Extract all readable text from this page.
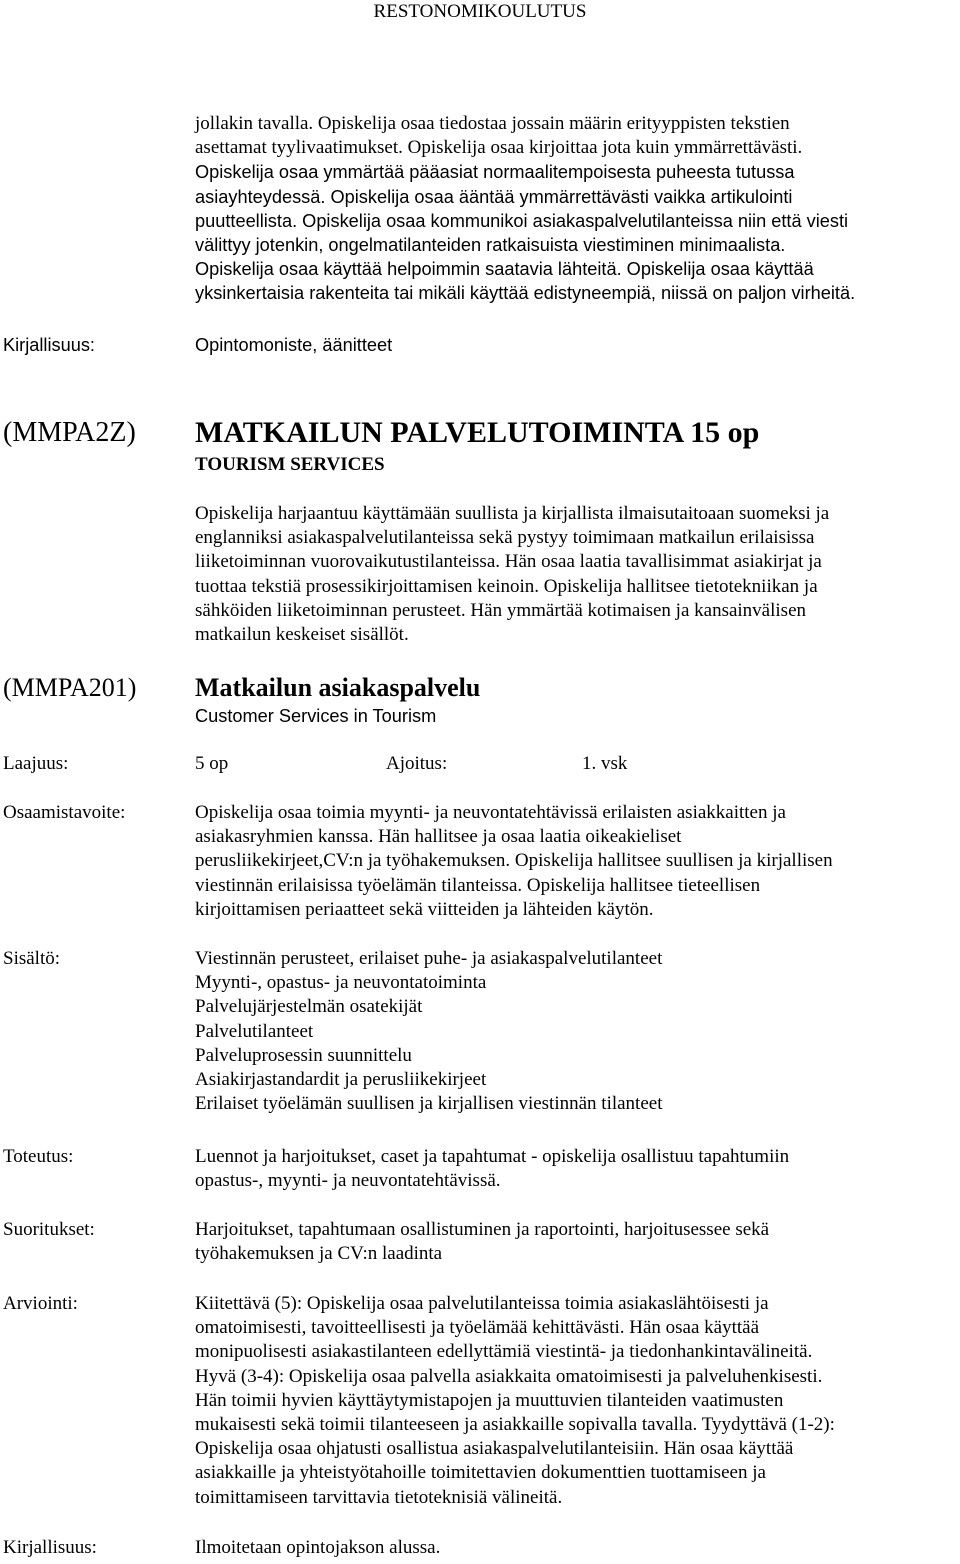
RESTONOMIKOULUTUS
jollakin tavalla. Opiskelija osaa tiedostaa jossain määrin erityyppisten tekstien
asettamat tyylivaatimukset. Opiskelija osaa kirjoittaa jota kuin ymmärrettävästi.
Opiskelija osaa ymmärtää pääasiat normaalitempoisesta puheesta tutussa
asiayhteydessä. Opiskelija osaa ääntää ymmärrettävästi vaikka artikulointi
puutteellista. Opiskelija osaa kommunikoi asiakaspalvelutilanteissa niin että viesti
välittyy jotenkin, ongelmatilanteiden ratkaisuista viestiminen minimaalista.
Opiskelija osaa käyttää helpoimmin saatavia lähteitä. Opiskelija osaa käyttää
yksinkertaisia rakenteita tai mikäli käyttää edistyneempiä, niissä on paljon virheitä.
Kirjallisuus:	Opintomoniste, äänitteet
(MMPA2Z) MATKAILUN PALVELUTOIMINTA 15 op
TOURISM SERVICES
Opiskelija harjaantuu käyttämään suullista ja kirjallista ilmaisutaitoaan suomeksi ja
englanniksi asiakaspalvelutilanteissa sekä pystyy toimimaan matkailun erilaisissa
liiketoiminnan vuorovaikutustilanteissa. Hän osaa laatia tavallisimmat asiakirjat ja
tuottaa tekstiä prosessikirjoittamisen keinoin. Opiskelija hallitsee tietotekniikan ja
sähköiden liiketoiminnan perusteet. Hän ymmärtää kotimaisen ja kansainvälisen
matkailun keskeiset sisällöt.
(MMPA201) Matkailun asiakaspalvelu
Customer Services in Tourism
Laajuus:	5 op	Ajoitus:	1. vsk
Osaamistavoite:	Opiskelija osaa toimia myynti- ja neuvontatehtävissä erilaisten asiakkaitten ja
asiakasryhmien kanssa. Hän hallitsee ja osaa laatia oikeakieliset
perusliikekirjeet,CV:n ja työhakemuksen. Opiskelija hallitsee suullisen ja kirjallisen
viestinnän erilaisissa työelämän tilanteissa. Opiskelija hallitsee tieteellisen
kirjoittamisen periaatteet sekä viitteiden ja lähteiden käytön.
Sisältö:	Viestinnän perusteet, erilaiset puhe- ja asiakaspalvelutilanteet
Myynti-, opastus- ja neuvontatoiminta
Palvelujärjestelmän osatekijät
Palvelutilanteet
Palveluprosessin suunnittelu
Asiakirjastandardit ja perusliikekirjeet
Erilaiset työelämän suullisen ja kirjallisen viestinnän tilanteet
Toteutus:	Luennot ja harjoitukset, caset ja tapahtumat - opiskelija osallistuu tapahtumiin
opastus-, myynti- ja neuvontatehtävissä.
Suoritukset:	Harjoitukset, tapahtumaan osallistuminen ja raportointi, harjoitusessee sekä
työhakemuksen ja CV:n laadinta
Arviointi:	Kiitettävä (5): Opiskelija osaa palvelutilanteissa toimia asiakaslähtöisesti ja
omatoimisesti, tavoitteellisesti ja työelämää kehittävästi. Hän osaa käyttää
monipuolisesti asiakastilanteen edellyttämiä viestintä- ja tiedonhankintavälineitä.
Hyvä (3-4): Opiskelija osaa palvella asiakkaita omatoimisesti ja palveluhenkisesti.
Hän toimii hyvien käyttäytymistapojen ja muuttuvien tilanteiden vaatimusten
mukaisesti sekä toimii tilanteeseen ja asiakkaille sopivalla tavalla. Tyydyttävä (1-2):
Opiskelija osaa ohjatusti osallistua asiakaspalvelutilanteisiin. Hän osaa käyttää
asiakkaille ja yhteistyötahoille toimitettavien dokumenttien tuottamiseen ja
toimittamiseen tarvittavia tietoteknisiä välineitä.
Kirjallisuus:	Ilmoitetaan opintojakson alussa.
